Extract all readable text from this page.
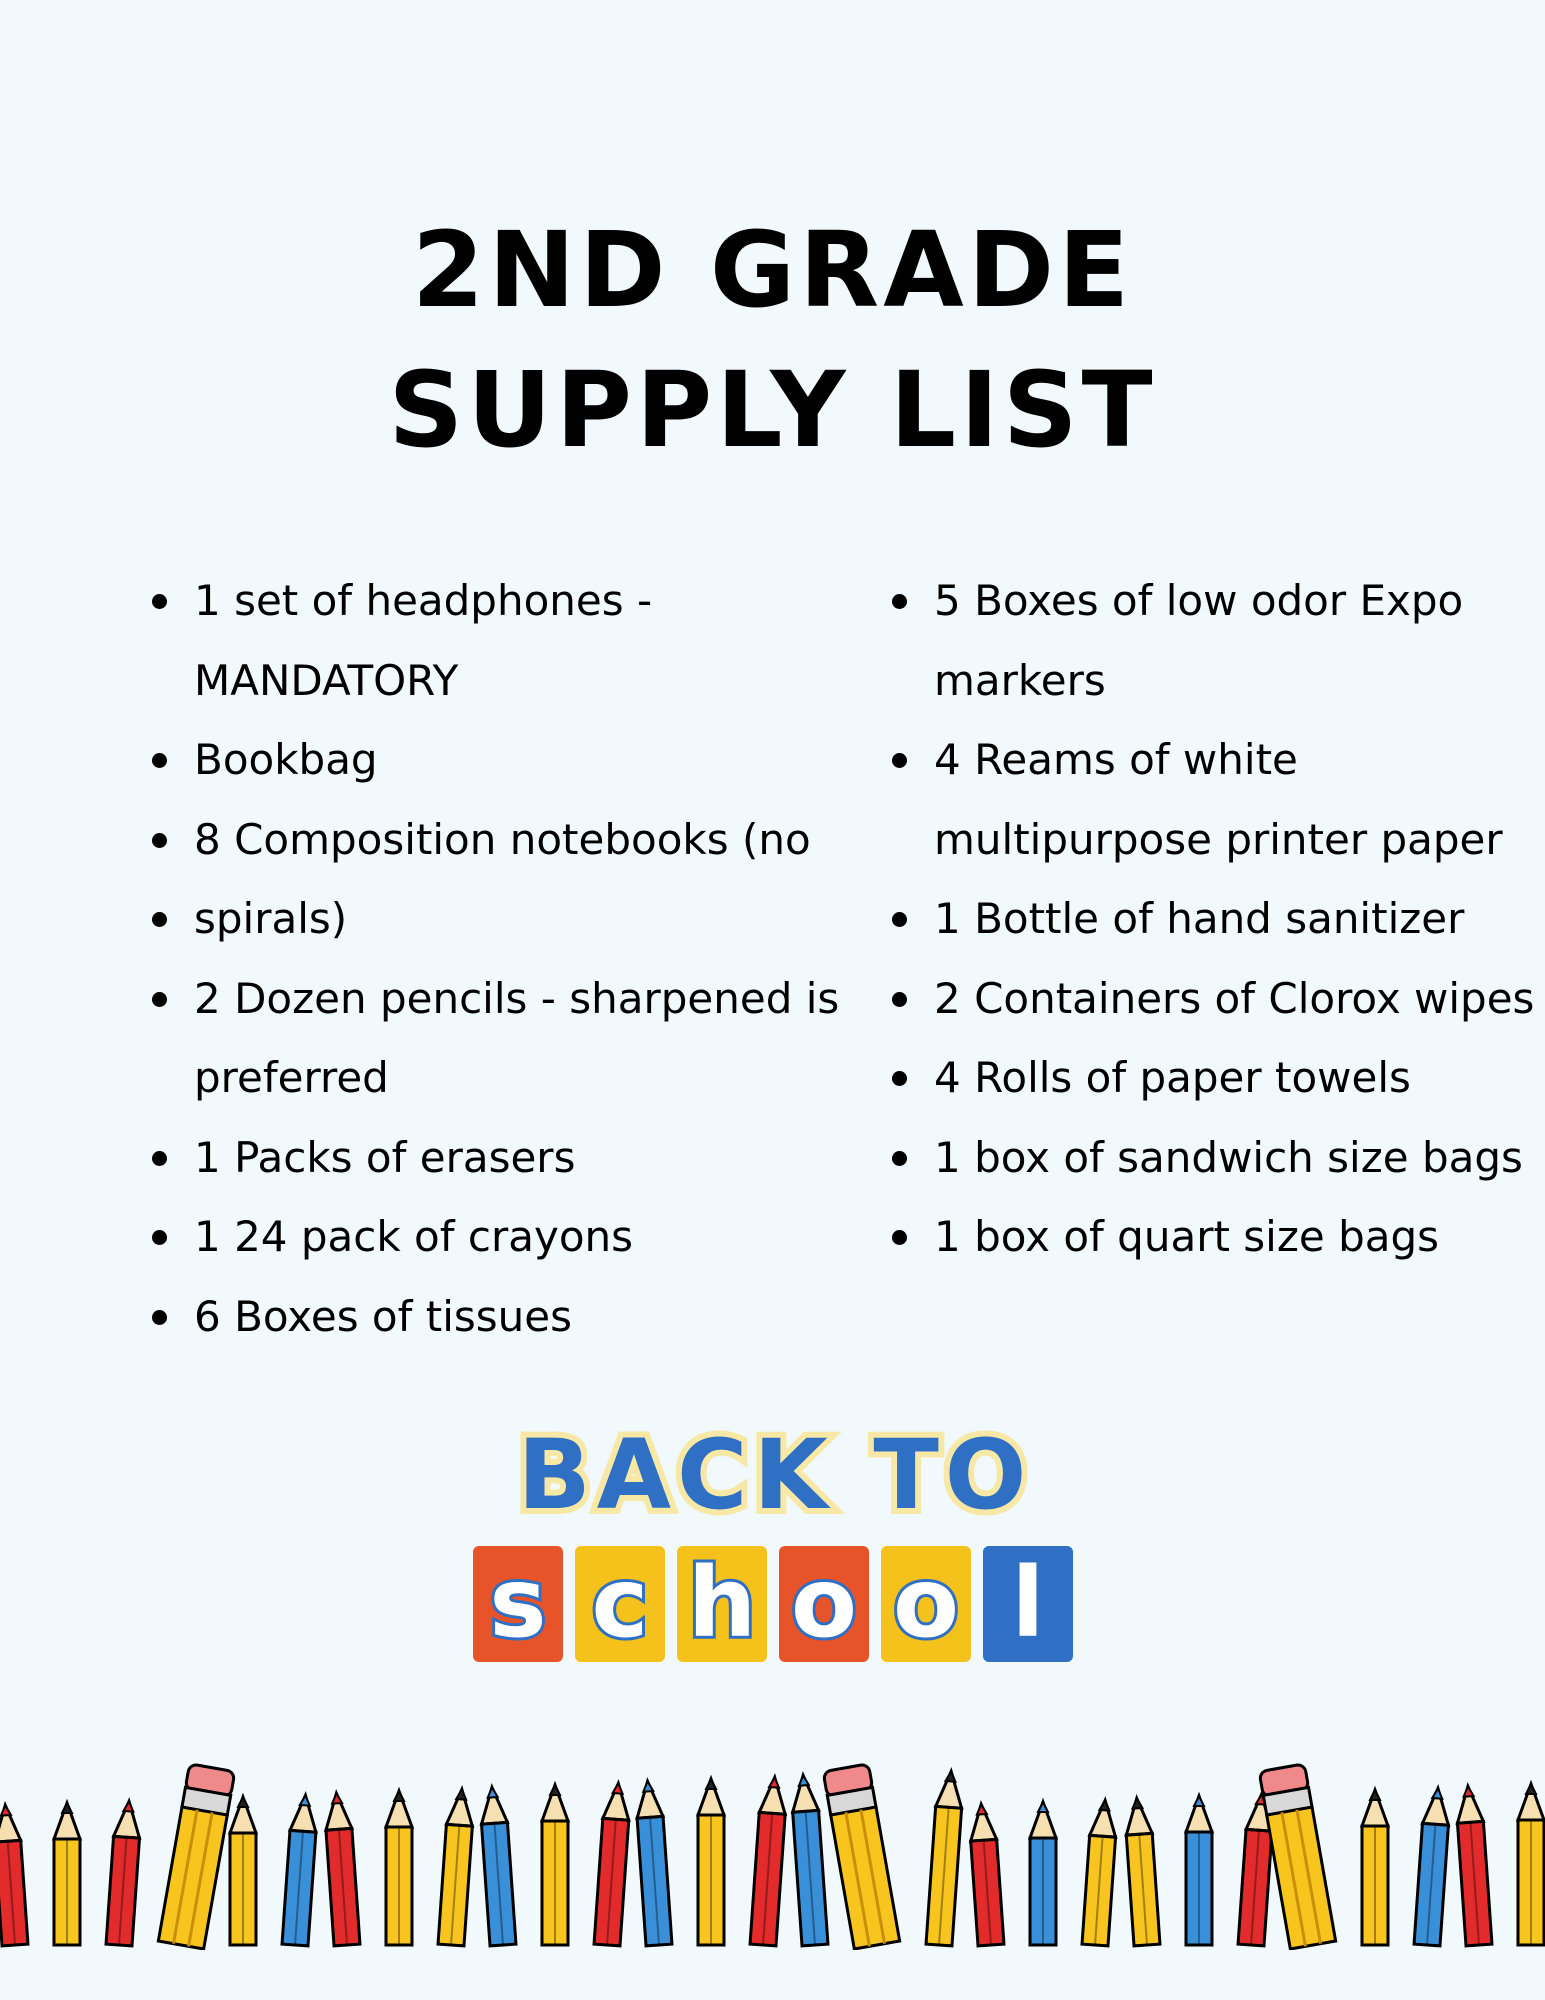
2ND GRADE
SUPPLY LIST
1 set of headphones -
MANDATORY
Bookbag
8 Composition notebooks (no
spirals)
2 Dozen pencils - sharpened is
preferred
1 Packs of erasers
1 24 pack of crayons
6 Boxes of tissues
5 Boxes of low odor Expo
markers
4 Reams of white
multipurpose printer paper
1 Bottle of hand sanitizer
2 Containers of Clorox wipes
4 Rolls of paper towels
1 box of sandwich size bags
1 box of quart size bags
BACK TO
s c h o o l
